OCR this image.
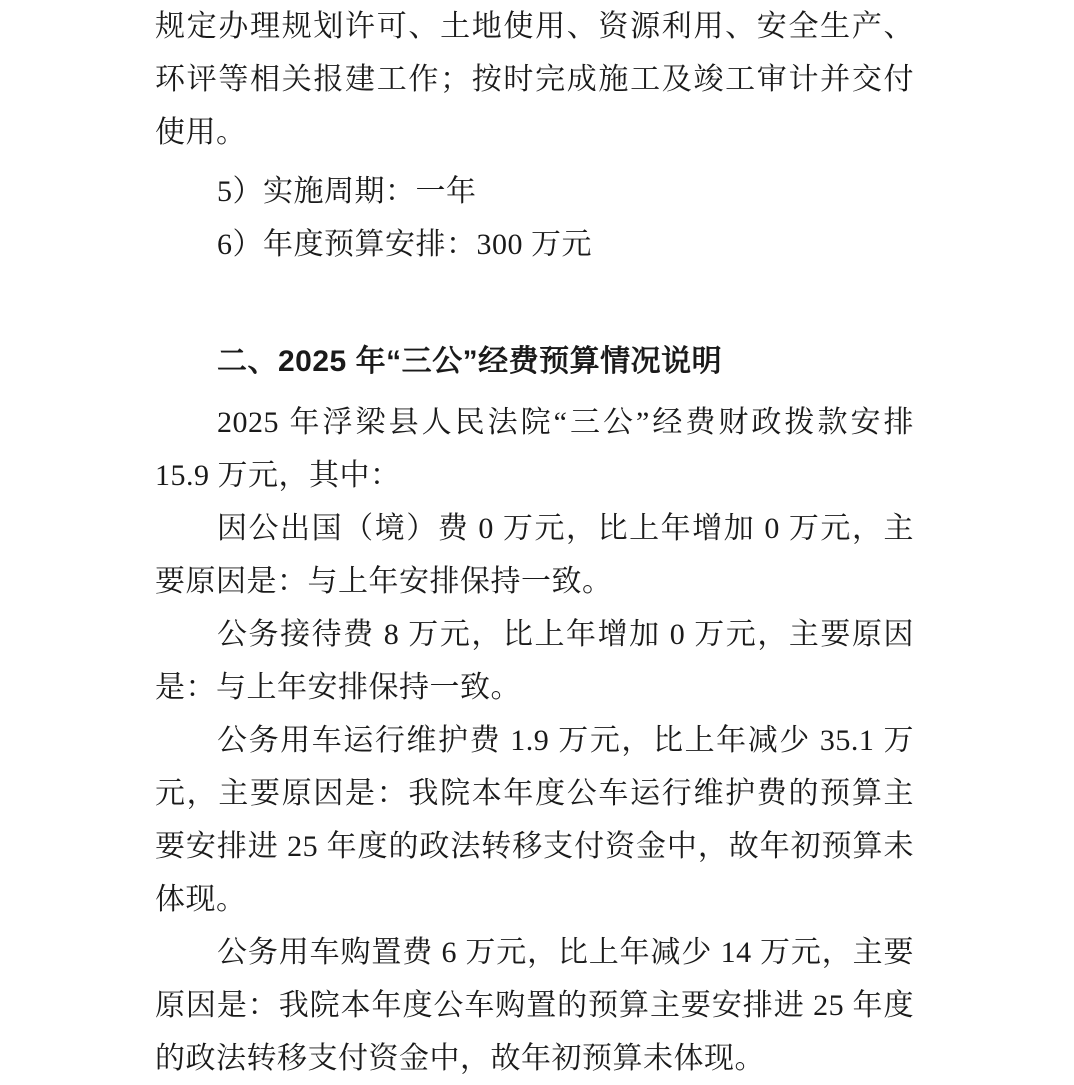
规定办理规划许可、土地使用、资源利用、安全生产、环评等相关报建工作；按时完成施工及竣工审计并交付使用。
5）实施周期：一年
6）年度预算安排：300 万元
二、2025 年“三公”经费预算情况说明
2025 年浮梁县人民法院“三公”经费财政拨款安排 15.9 万元，其中：
因公出国（境）费 0 万元，比上年增加 0 万元，主要原因是：与上年安排保持一致。
公务接待费 8 万元，比上年增加 0 万元，主要原因是：与上年安排保持一致。
公务用车运行维护费 1.9 万元，比上年减少 35.1 万元，主要原因是：我院本年度公车运行维护费的预算主要安排进 25 年度的政法转移支付资金中，故年初预算未体现。
公务用车购置费 6 万元，比上年减少 14 万元，主要原因是：我院本年度公车购置的预算主要安排进 25 年度的政法转移支付资金中，故年初预算未体现。
